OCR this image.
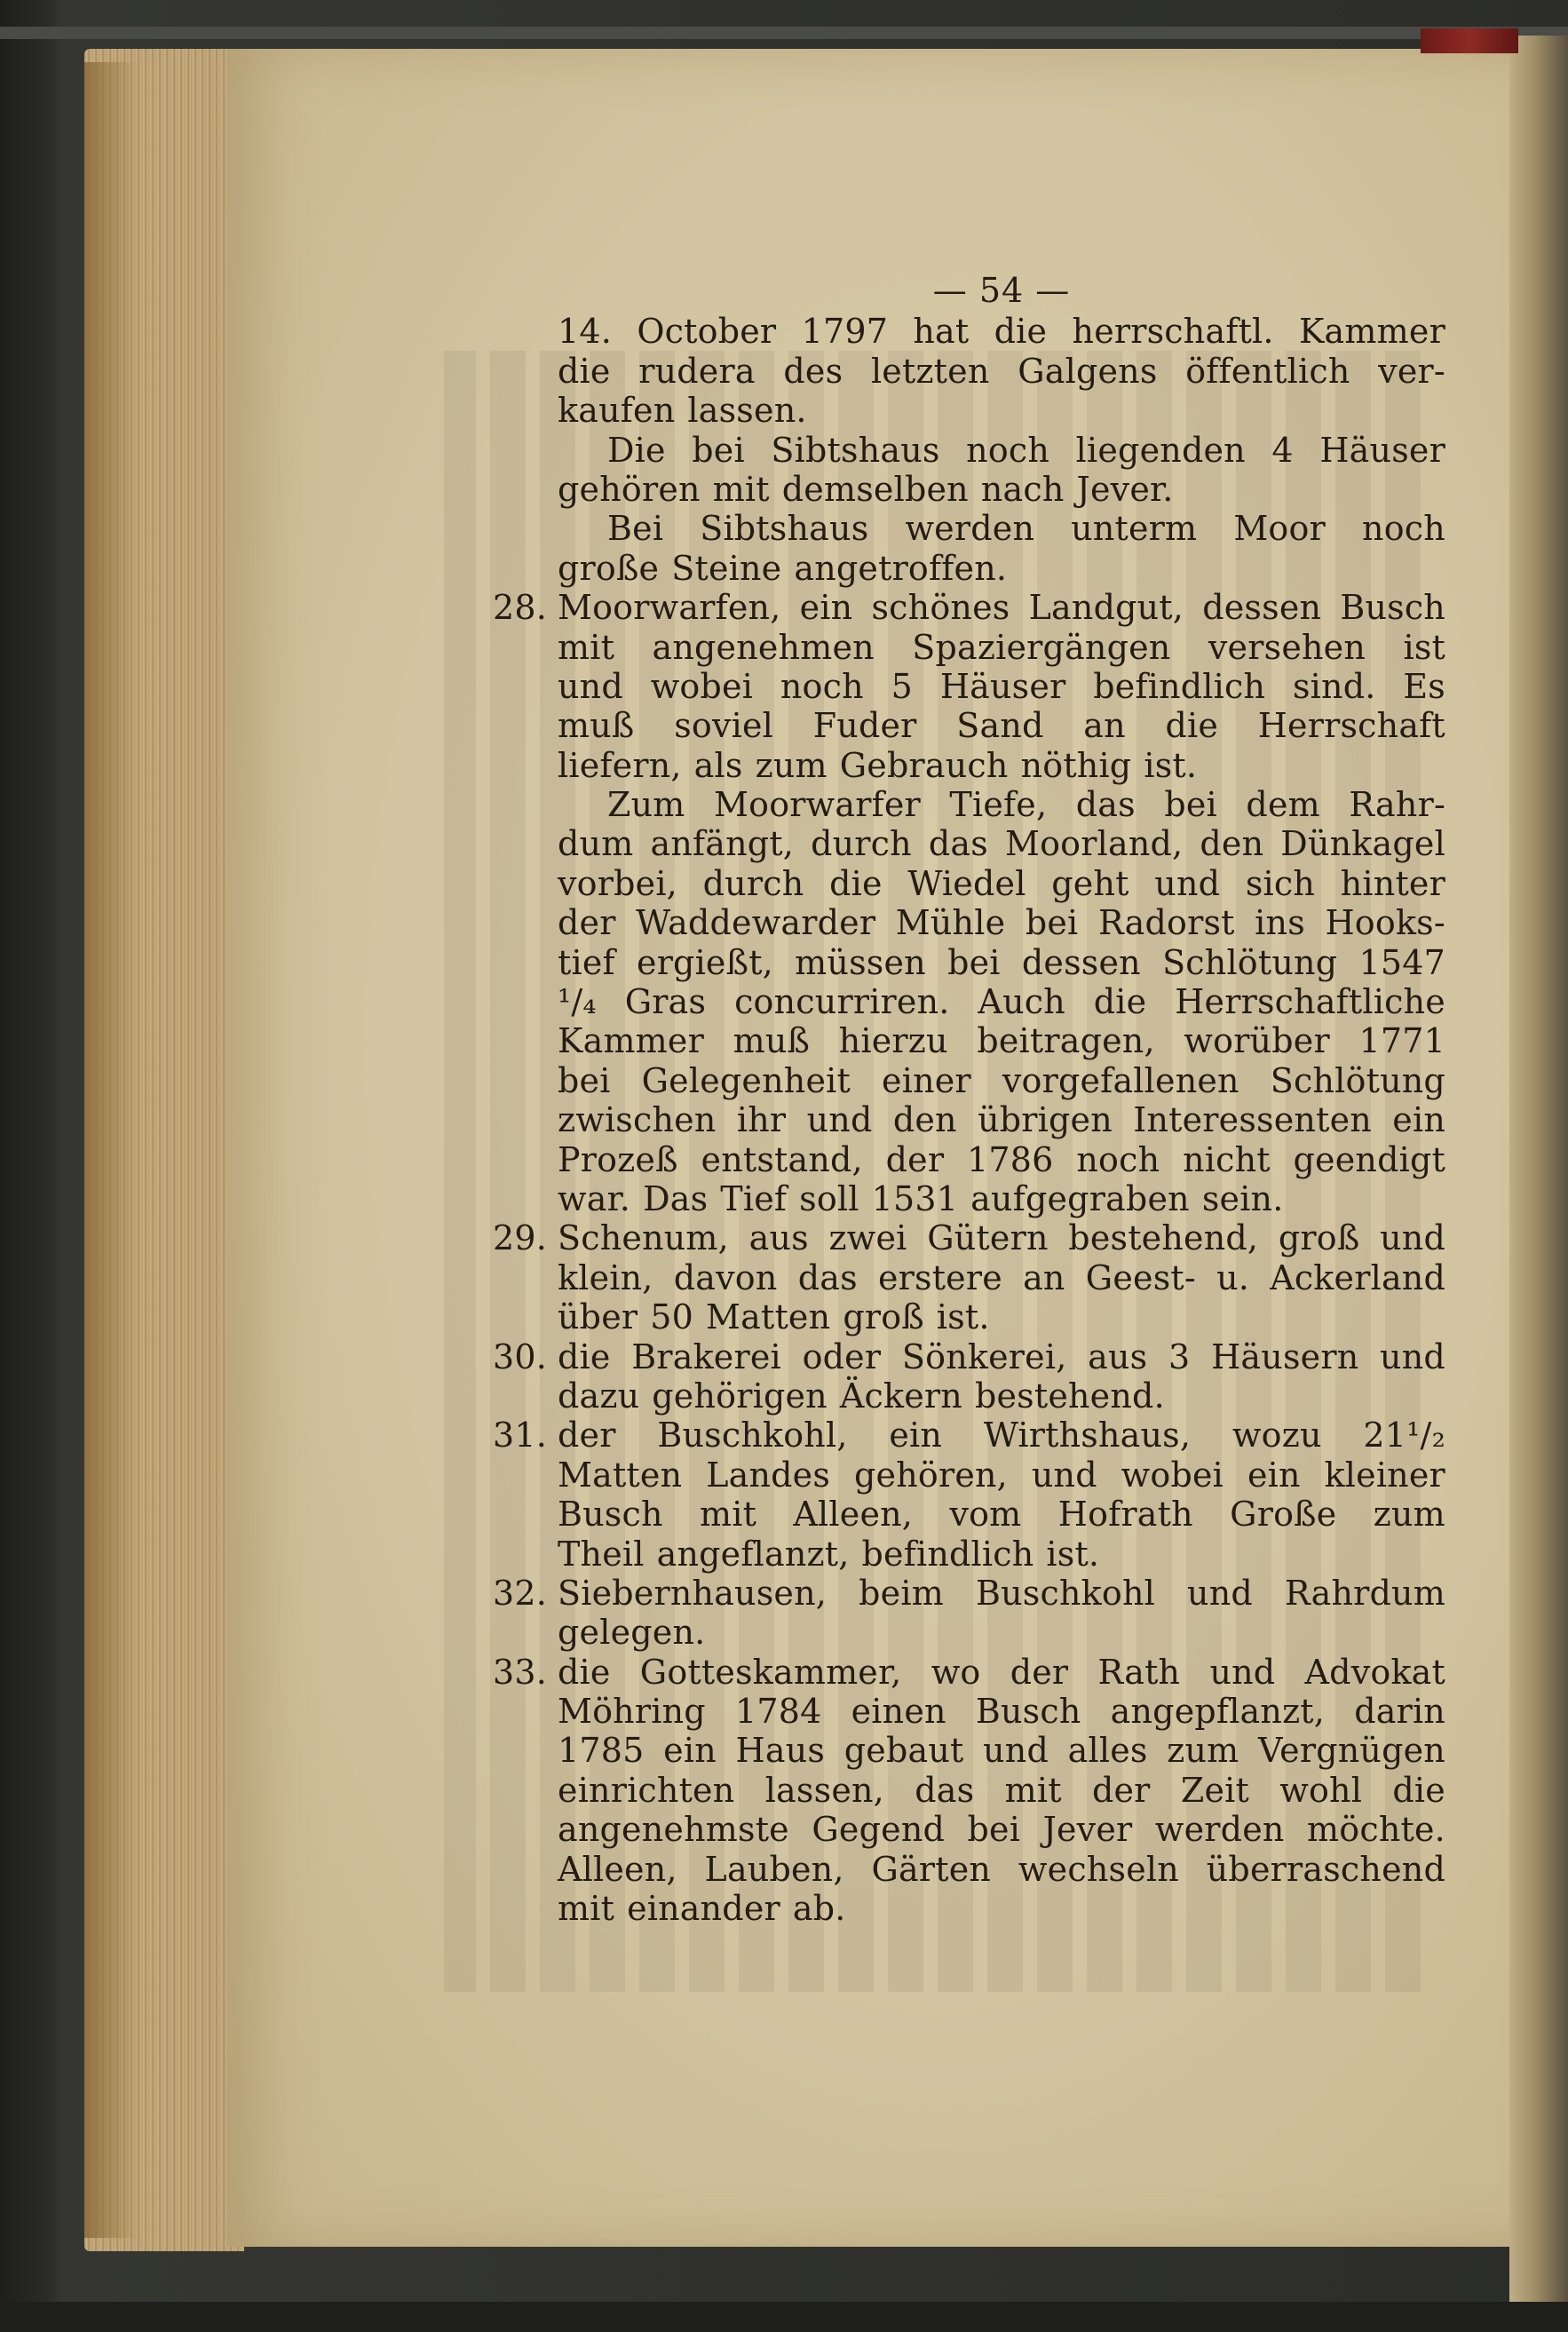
— 54 —
14. October 1797 hat die herrschaftl. Kammer
die rudera des letzten Galgens öffentlich ver-
kaufen lassen.
Die bei Sibtshaus noch liegenden 4 Häuser
gehören mit demselben nach Jever.
Bei Sibtshaus werden unterm Moor noch
große Steine angetroffen.
28. Moorwarfen, ein schönes Landgut, dessen Busch
mit angenehmen Spaziergängen versehen ist
und wobei noch 5 Häuser befindlich sind. Es
muß soviel Fuder Sand an die Herrschaft
liefern, als zum Gebrauch nöthig ist.
Zum Moorwarfer Tiefe, das bei dem Rahr-
dum anfängt, durch das Moorland, den Dünkagel
vorbei, durch die Wiedel geht und sich hinter
der Waddewarder Mühle bei Radorst ins Hooks-
tief ergießt, müssen bei dessen Schlötung 1547
¹/₄ Gras concurriren. Auch die Herrschaftliche
Kammer muß hierzu beitragen, worüber 1771
bei Gelegenheit einer vorgefallenen Schlötung
zwischen ihr und den übrigen Interessenten ein
Prozeß entstand, der 1786 noch nicht geendigt
war. Das Tief soll 1531 aufgegraben sein.
29. Schenum, aus zwei Gütern bestehend, groß und
klein, davon das erstere an Geest- u. Ackerland
über 50 Matten groß ist.
30. die Brakerei oder Sönkerei, aus 3 Häusern und
dazu gehörigen Äckern bestehend.
31. der Buschkohl, ein Wirthshaus, wozu 21¹/₂
Matten Landes gehören, und wobei ein kleiner
Busch mit Alleen, vom Hofrath Große zum
Theil angeflanzt, befindlich ist.
32. Siebernhausen, beim Buschkohl und Rahrdum
gelegen.
33. die Gotteskammer, wo der Rath und Advokat
Möhring 1784 einen Busch angepflanzt, darin
1785 ein Haus gebaut und alles zum Vergnügen
einrichten lassen, das mit der Zeit wohl die
angenehmste Gegend bei Jever werden möchte.
Alleen, Lauben, Gärten wechseln überraschend
mit einander ab.
